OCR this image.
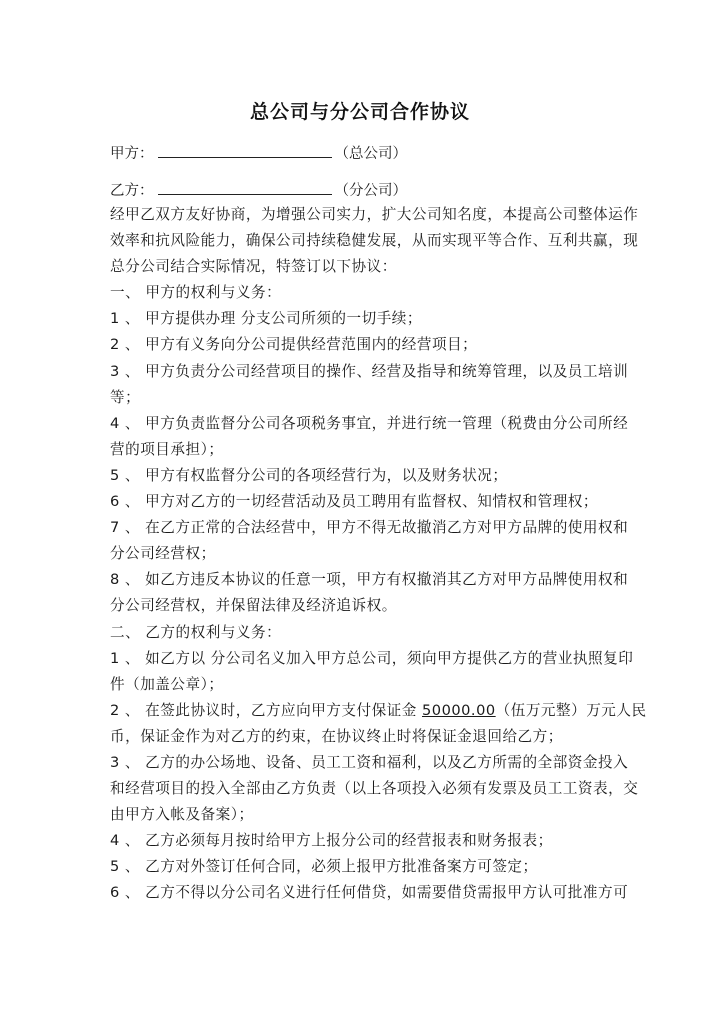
总公司与分公司合作协议
甲方：	（总公司）
乙方：	（分公司）
经甲乙双方友好协商，为增强公司实力，扩大公司知名度，本提高公司整体运作
效率和抗风险能力，确保公司持续稳健发展，从而实现平等合作、互利共赢，现
总分公司结合实际情况，特签订以下协议：
一、 甲方的权利与义务：
1 、 甲方提供办理 分支公司所须的一切手续；
2 、 甲方有义务向分公司提供经营范围内的经营项目；
3 、 甲方负责分公司经营项目的操作、经营及指导和统筹管理，以及员工培训
等；
4 、 甲方负责监督分公司各项税务事宜，并进行统一管理（税费由分公司所经
营的项目承担）；
5 、 甲方有权监督分公司的各项经营行为，以及财务状况；
6 、 甲方对乙方的一切经营活动及员工聘用有监督权、知情权和管理权；
7 、 在乙方正常的合法经营中，甲方不得无故撤消乙方对甲方品牌的使用权和
分公司经营权；
8 、 如乙方违反本协议的任意一项，甲方有权撤消其乙方对甲方品牌使用权和
分公司经营权，并保留法律及经济追诉权。
二、 乙方的权利与义务：
1 、 如乙方以 分公司名义加入甲方总公司，须向甲方提供乙方的营业执照复印
件（加盖公章）；
2 、 在签此协议时，乙方应向甲方支付保证金 50000.00（伍万元整）万元人民
币，保证金作为对乙方的约束，在协议终止时将保证金退回给乙方；
3 、 乙方的办公场地、设备、员工工资和福利，以及乙方所需的全部资金投入
和经营项目的投入全部由乙方负责（以上各项投入必须有发票及员工工资表，交
由甲方入帐及备案）；
4 、 乙方必须每月按时给甲方上报分公司的经营报表和财务报表；
5 、 乙方对外签订任何合同，必须上报甲方批准备案方可签定；
6 、 乙方不得以分公司名义进行任何借贷，如需要借贷需报甲方认可批准方可
